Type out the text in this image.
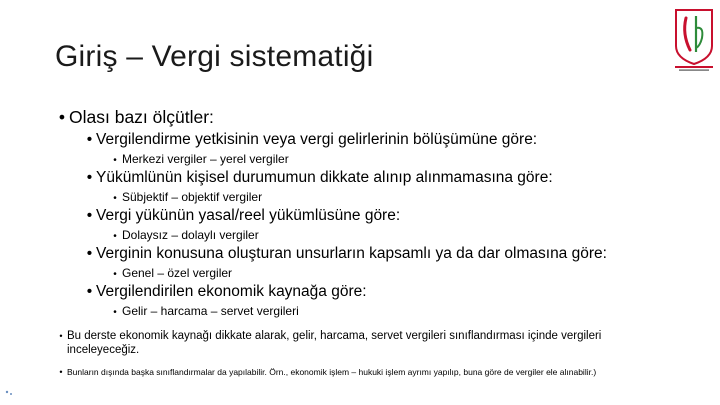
Giriş – Vergi sistematiği
• Olası bazı ölçütler:
• Vergilendirme yetkisinin veya vergi gelirlerinin bölüşümüne göre:
• Merkezi vergiler – yerel vergiler
• Yükümlünün kişisel durumumun dikkate alınıp alınmamasına göre:
• Sübjektif – objektif vergiler
• Vergi yükünün yasal/reel yükümlüsüne göre:
• Dolaysız – dolaylı vergiler
• Verginin konusuna oluşturan unsurların kapsamlı ya da dar olmasına göre:
• Genel – özel vergiler
• Vergilendirilen ekonomik kaynağa göre:
• Gelir – harcama – servet vergileri
• Bu derste ekonomik kaynağı dikkate alarak, gelir, harcama, servet vergileri sınıflandırması içinde vergileri inceleyeceğiz.
• Bunların dışında başka sınıflandırmalar da yapılabilir. Örn., ekonomik işlem – hukuki işlem ayrımı yapılıp, buna göre de vergiler ele alınabilir.)
